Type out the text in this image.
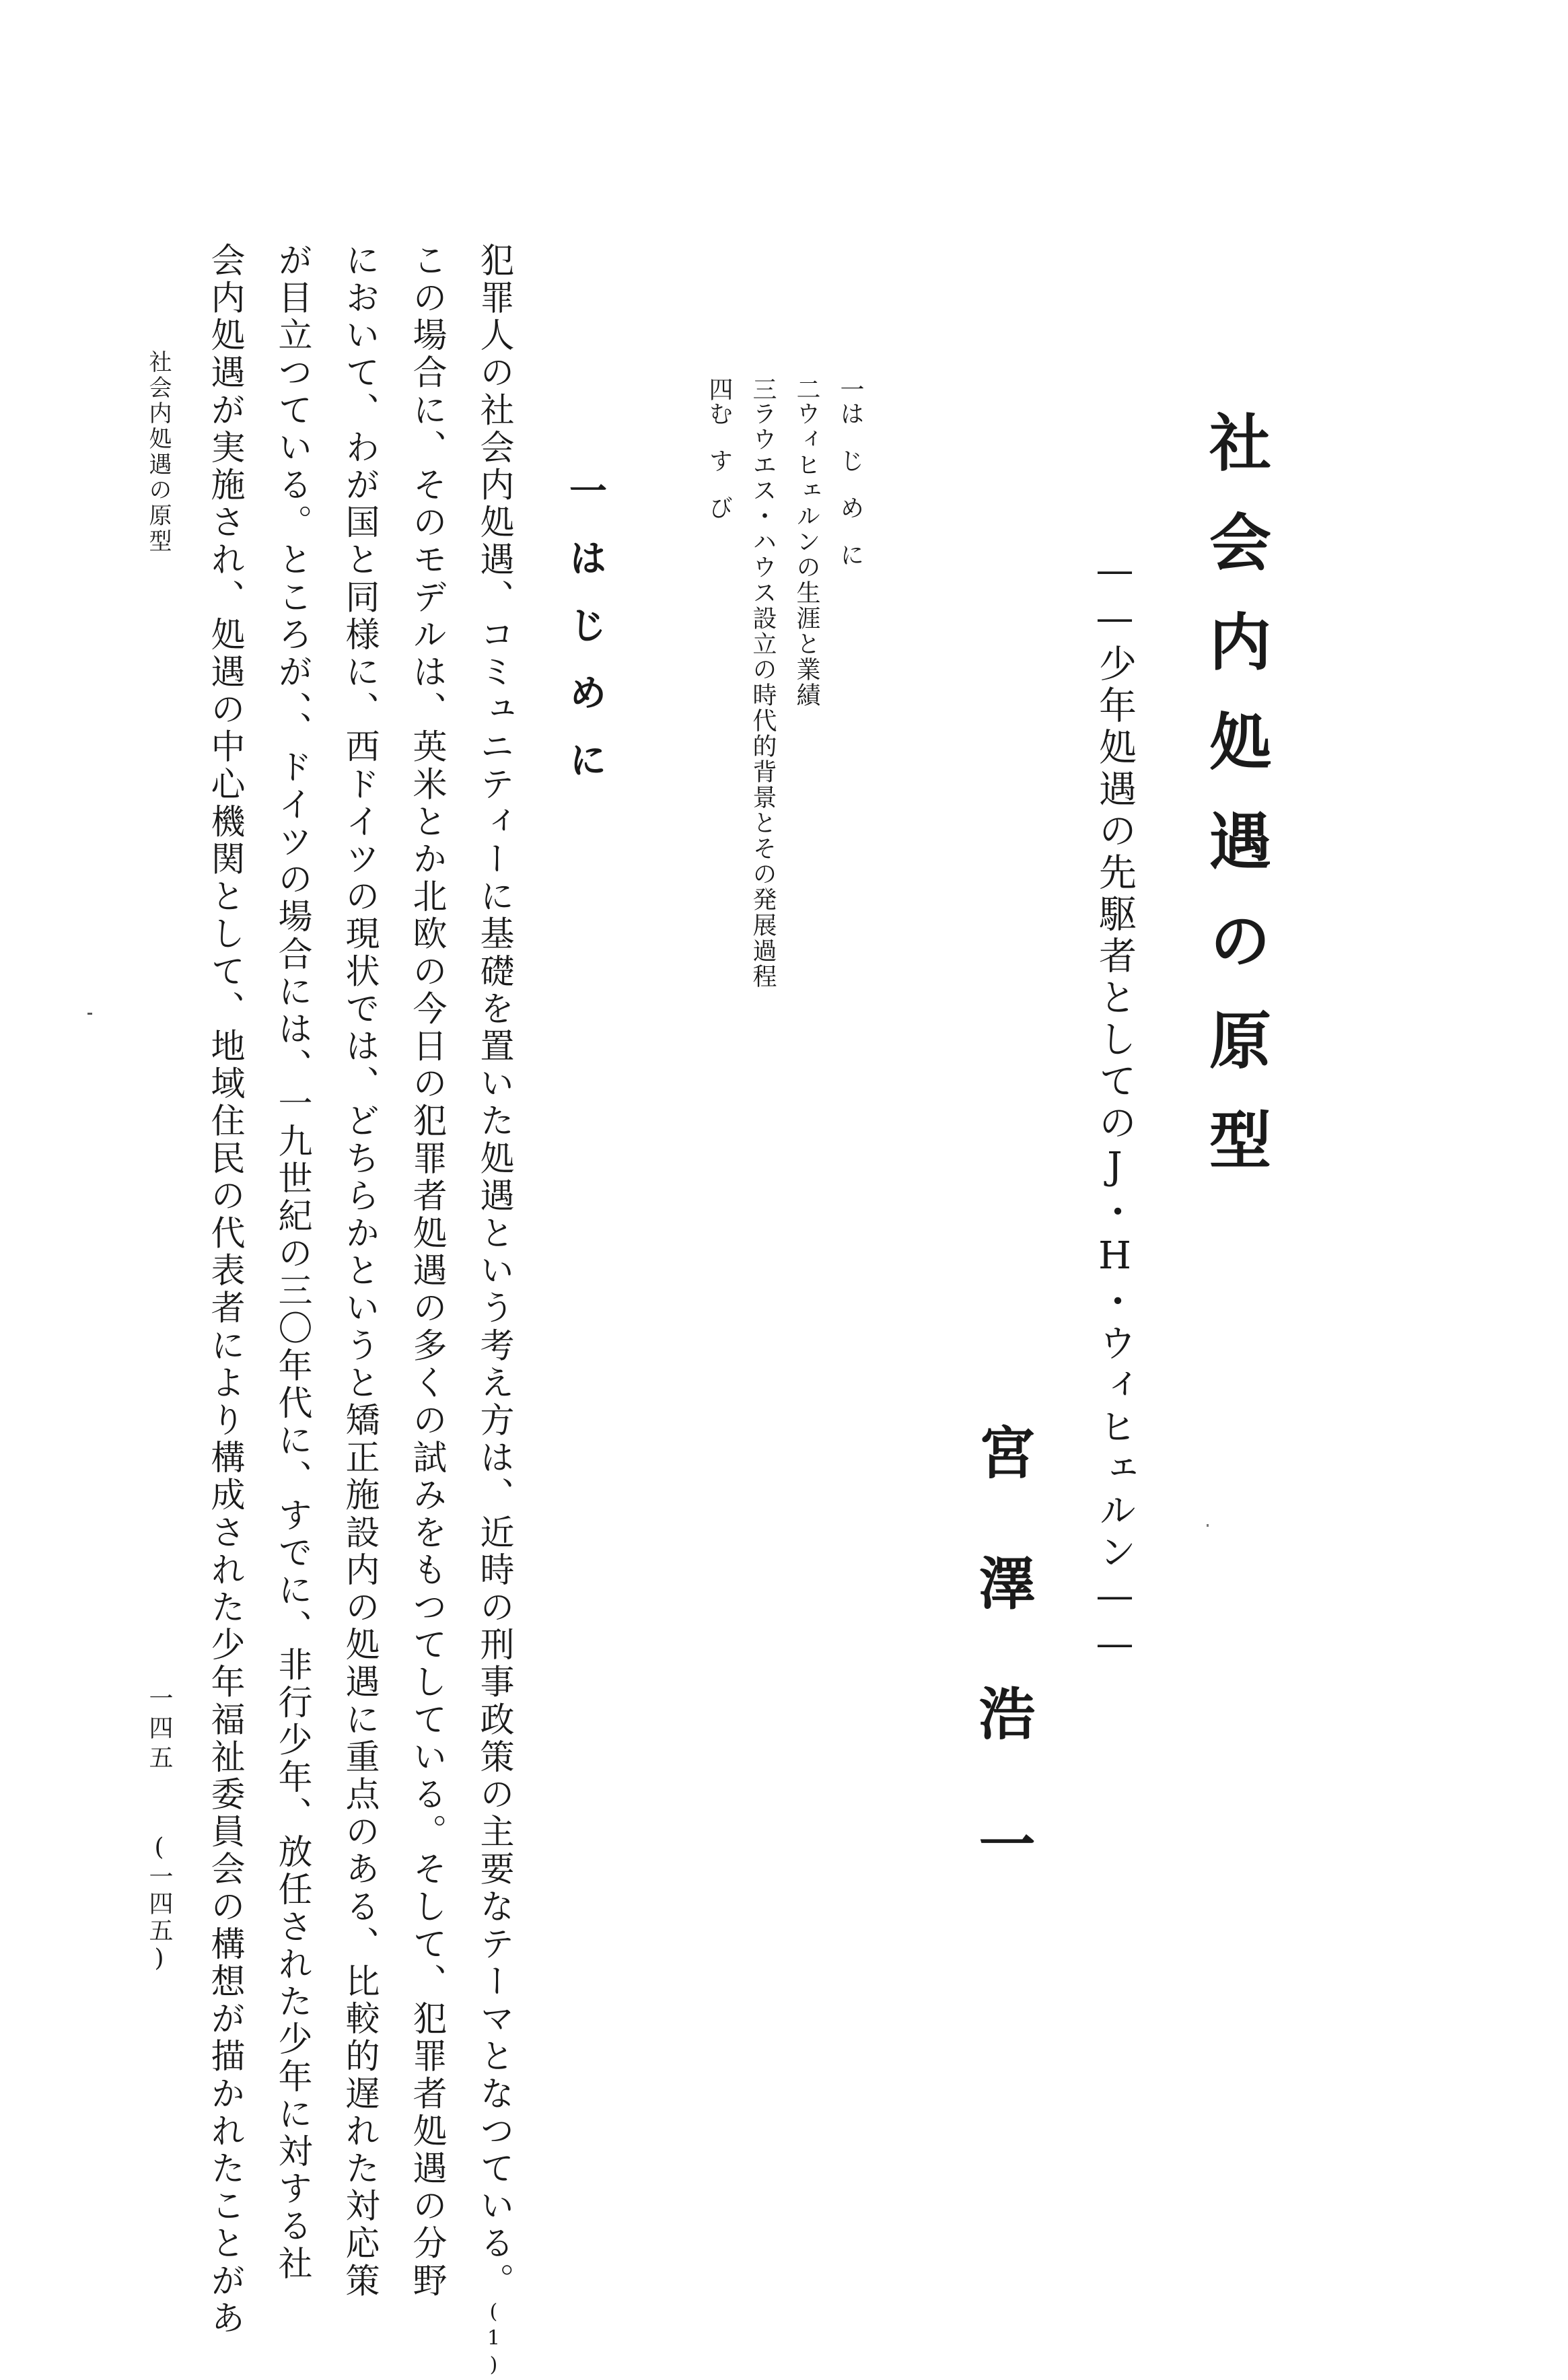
社会内処遇の原型
——少年処遇の先駆者としてのJ・H・ウィヒェルン——
宮澤浩一
一はじめに
二ウィヒェルンの生涯と業績
三ラウエス・ハウス設立の時代的背景とその発展過程
四むすび
一はじめに
犯罪人の社会内処遇、コミュニティーに基礎を置いた処遇という考え方は、近時の刑事政策の主要なテーマとなつている。(1)
この場合に、そのモデルは、英米とか北欧の今日の犯罪者処遇の多くの試みをもつてしている。そして、犯罪者処遇の分野
において、わが国と同様に、西ドイツの現状では、どちらかというと矯正施設内の処遇に重点のある、比較的遅れた対応策
が目立つている。ところが、、ドイツの場合には、一九世紀の三〇年代に、すでに、非行少年、放任された少年に対する社
会内処遇が実施され、処遇の中心機関として、地域住民の代表者により構成された少年福祉委員会の構想が描かれたことがあ
社会内処遇の原型
一四五
(一四五)
